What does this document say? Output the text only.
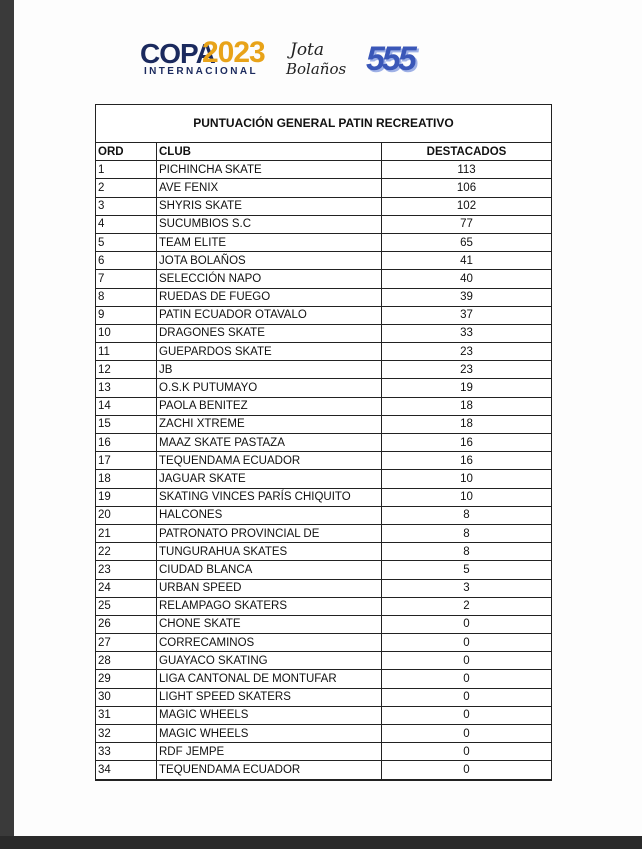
COPA
2023
INTERNACIONAL
Jota
Bolaños 555
PUNTUACIÓN GENERAL PATIN RECREATIVO
ORD	CLUB	DESTACADOS
1	PICHINCHA SKATE	113
2	AVE FENIX	106
3	SHYRIS SKATE	102
4	SUCUMBIOS S.C	77
5	TEAM ELITE	65
6	JOTA BOLAÑOS	41
7	SELECCIÓN NAPO	40
8	RUEDAS DE FUEGO	39
9	PATIN ECUADOR OTAVALO	37
10	DRAGONES SKATE	33
11	GUEPARDOS SKATE	23
12	JB	23
13	O.S.K PUTUMAYO	19
14	PAOLA BENITEZ	18
15	ZACHI XTREME	18
16	MAAZ SKATE PASTAZA	16
17	TEQUENDAMA ECUADOR	16
18	JAGUAR SKATE	10
19	SKATING VINCES PARÍS CHIQUITO	10
20	HALCONES	8
21	PATRONATO PROVINCIAL DE	8
22	TUNGURAHUA SKATES	8
23	CIUDAD BLANCA	5
24	URBAN SPEED	3
25	RELAMPAGO SKATERS	2
26	CHONE SKATE	0
27	CORRECAMINOS	0
28	GUAYACO SKATING	0
29	LIGA CANTONAL DE MONTUFAR	0
30	LIGHT SPEED SKATERS	0
31	MAGIC WHEELS	0
32	MAGIC WHEELS	0
33	RDF JEMPE	0
34	TEQUENDAMA ECUADOR	0
